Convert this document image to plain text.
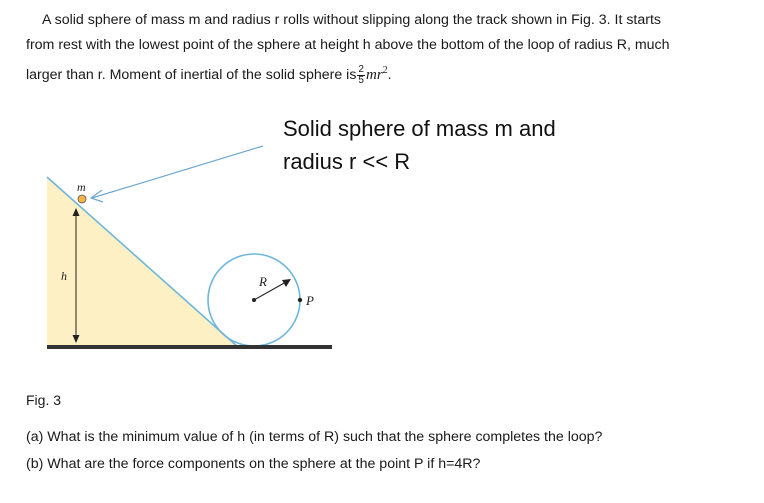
A solid sphere of mass m and radius r rolls without slipping along the track shown in Fig. 3. It starts
from rest with the lowest point of the sphere at height h above the bottom of the loop of radius R, much
larger than r. Moment of inertial of the solid sphere is $\frac{2}{5} mr^2$.
Solid sphere of mass m and
radius r << R
m
h	R
P
Fig. 3
(a) What is the minimum value of h (in terms of R) such that the sphere completes the loop?
(b) What are the force components on the sphere at the point P if h=4R?
